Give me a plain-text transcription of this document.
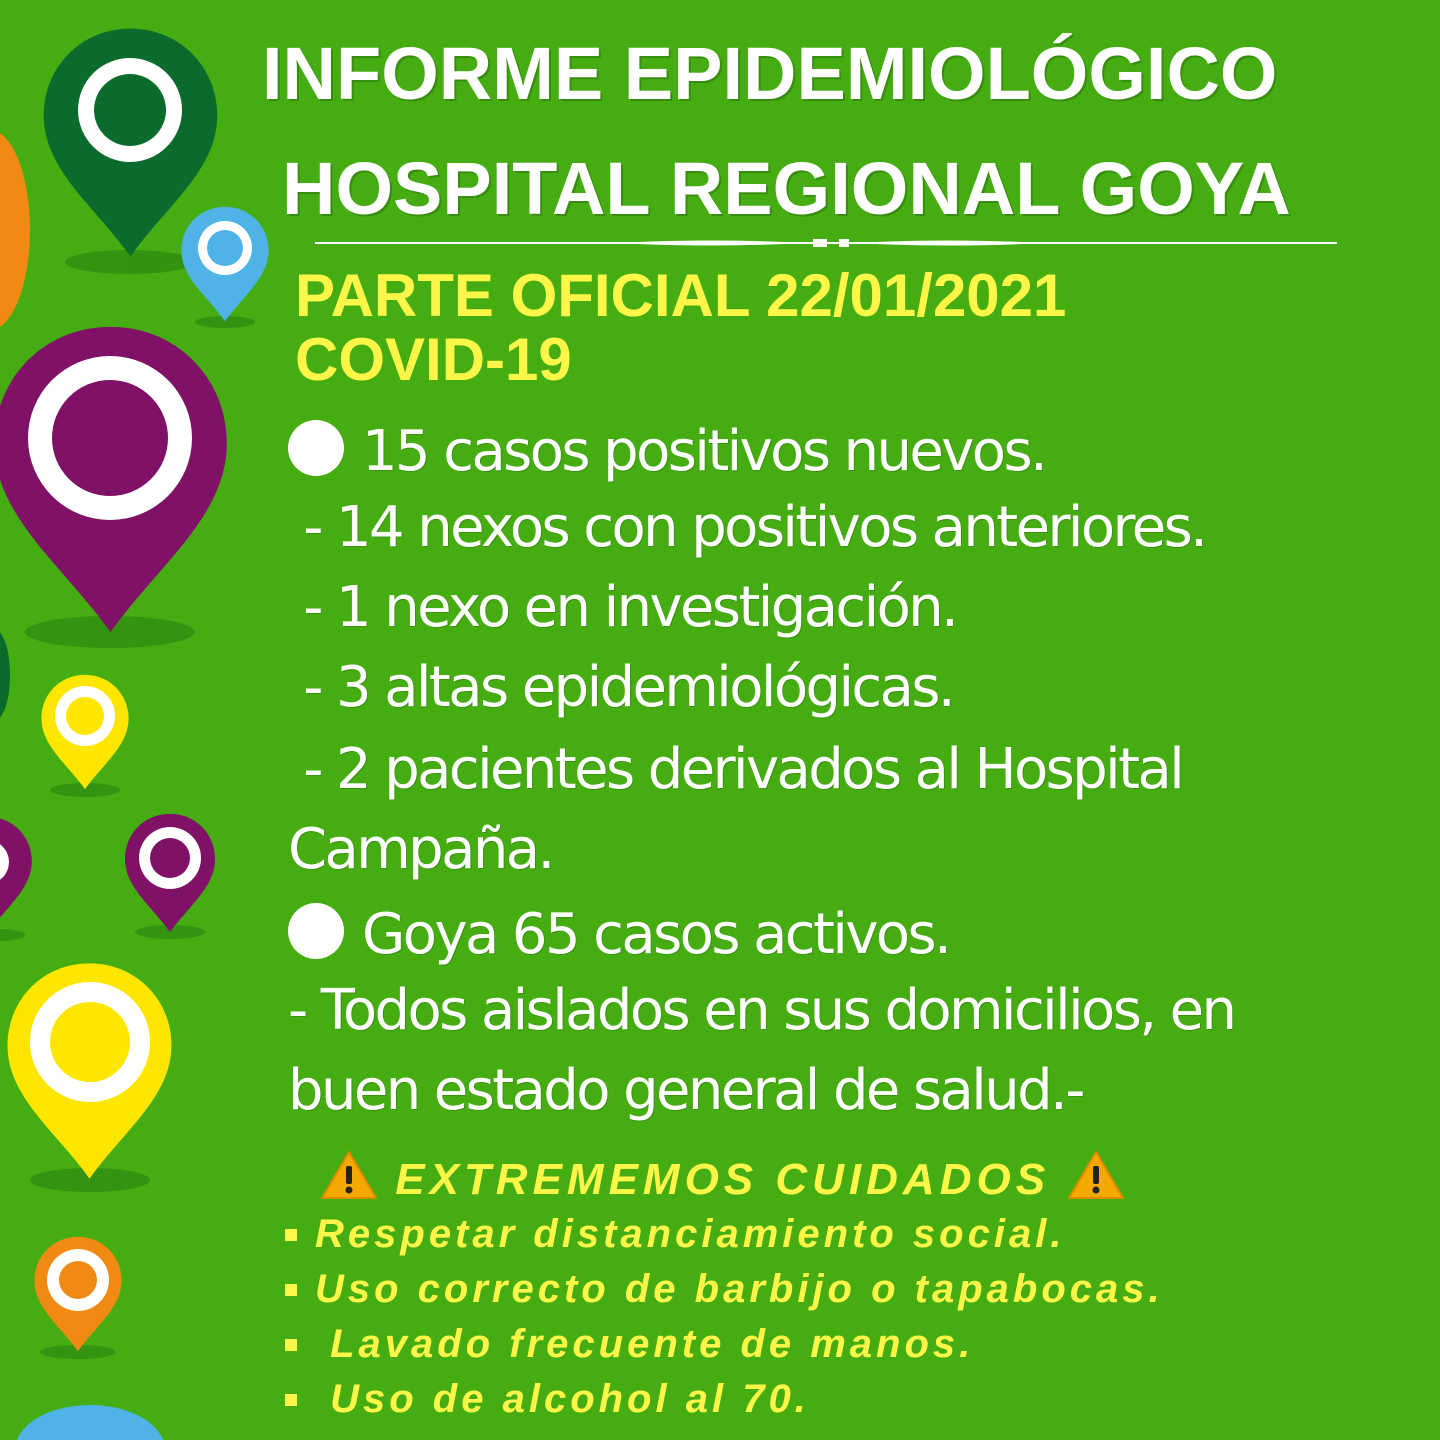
INFORME EPIDEMIOLÓGICO
HOSPITAL REGIONAL GOYA
PARTE OFICIAL 22/01/2021
COVID-19
15 casos positivos nuevos.
- 14 nexos con positivos anteriores.
- 1 nexo en investigación.
- 3 altas epidemiológicas.
- 2 pacientes derivados al Hospital
Campaña.
Goya 65 casos activos.
- Todos aislados en sus domicilios, en
buen estado general de salud.-
EXTREMEMOS CUIDADOS
Respetar distanciamiento social.
Uso correcto de barbijo o tapabocas.
Lavado frecuente de manos.
Uso de alcohol al 70.
